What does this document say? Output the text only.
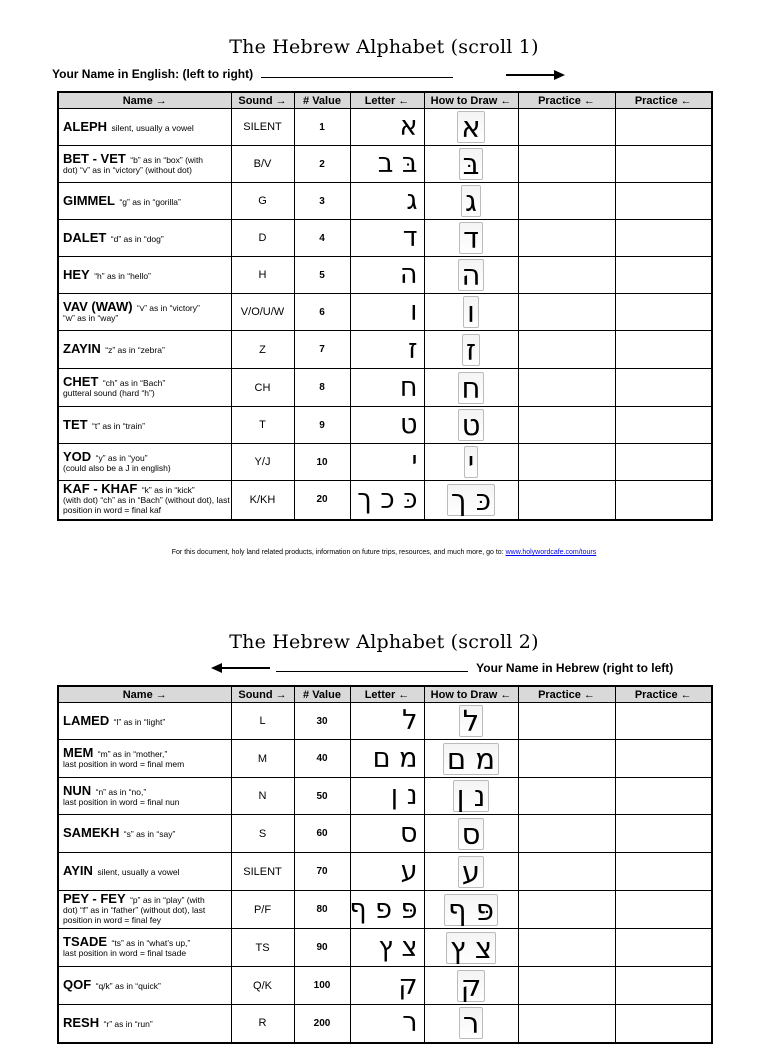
The Hebrew Alphabet (scroll 1)
Your Name in English: (left to right)
Name →	Sound →	# Value	Letter ←	How to Draw ←	Practice ←	Practice ←
ALEPH silent, usually a vowel	SILENT	1	א	א		
BET - VET “b” as in “box” (with
dot) “v” as in “victory” (without dot)	B/V	2	בּ ב	בּ		
GIMMEL “g” as in “gorilla”	G	3	ג	ג		
DALET “d” as in “dog”	D	4	ד	ד		
HEY “h” as in “hello”	H	5	ה	ה		
VAV (WAW) “v” as in “victory”
“w” as in “way”	V/O/U/W	6	ו	ו		
ZAYIN “z” as in “zebra”	Z	7	ז	ז		
CHET “ch” as in “Bach”
gutteral sound (hard “h”)	CH	8	ח	ח		
TET “t” as in “train”	T	9	ט	ט		
YOD “y” as in “you”
(could also be a J in english)	Y/J	10	י	י		
KAF - KHAF “k” as in “kick”
(with dot) “ch” as in “Bach” (without dot), last position in word = final kaf	K/KH	20	כּ כ ך	כּ ך		
For this document, holy land related products, information on future trips, resources, and much more, go to: www.holywordcafe.com/tours
The Hebrew Alphabet (scroll 2)
Your Name in Hebrew (right to left)
Name →	Sound →	# Value	Letter ←	How to Draw ←	Practice ←	Practice ←
LAMED “l” as in “light”	L	30	ל	ל		
MEM “m” as in “mother,”
last position in word = final mem	M	40	מ ם	מ ם		
NUN “n” as in “no,”
last position in word = final nun	N	50	נ ן	נ ן		
SAMEKH “s” as in “say”	S	60	ס	ס		
AYIN silent, usually a vowel	SILENT	70	ע	ע		
PEY - FEY “p” as in “play” (with
dot) “f” as in “father” (without dot), last position in word = final fey	P/F	80	פּ פ ף	פּ ף		
TSADE “ts” as in “what’s up,”
last position in word = final tsade	TS	90	צ ץ	צ ץ		
QOF “q/k” as in “quick”	Q/K	100	ק	ק		
RESH “r” as in “run”	R	200	ר	ר		
